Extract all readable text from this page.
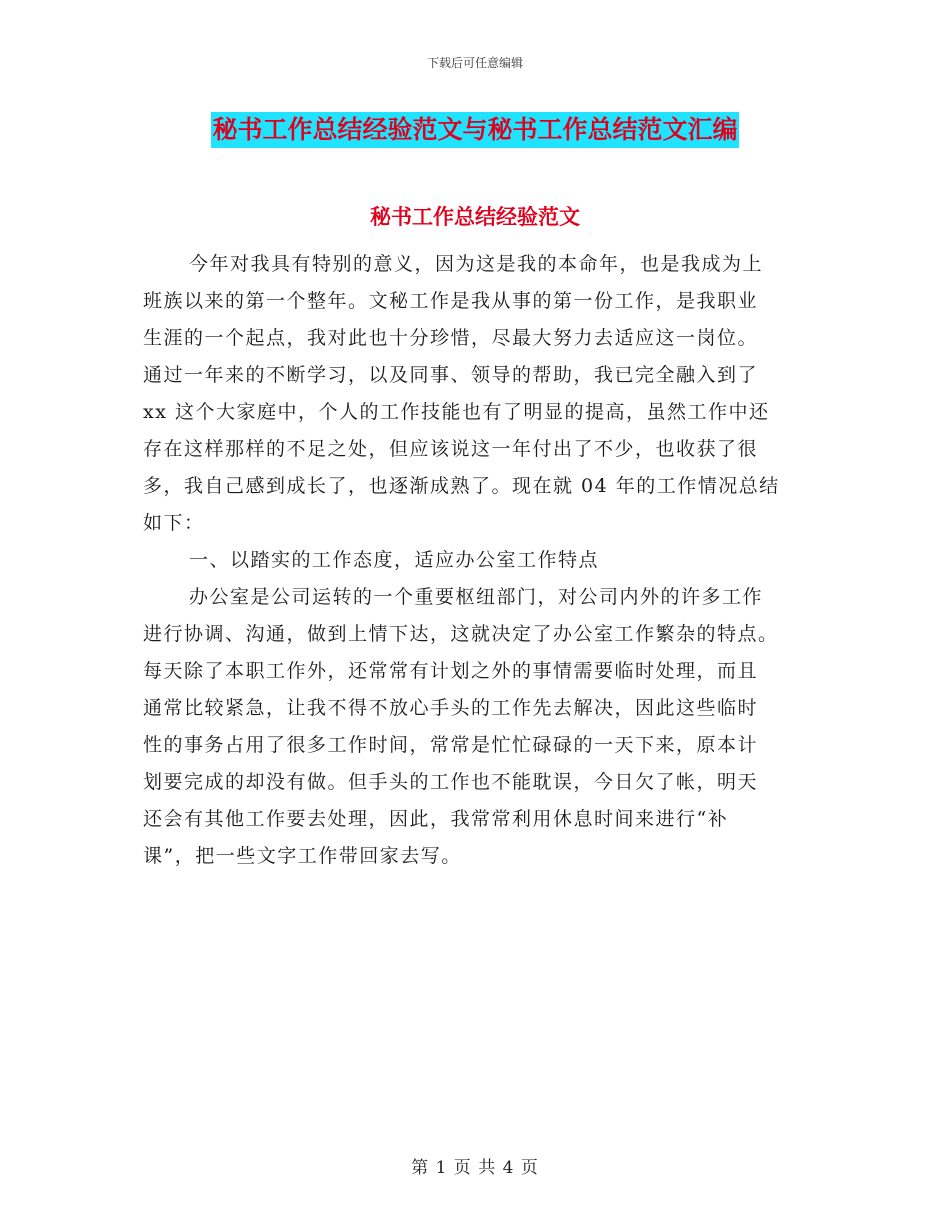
下载后可任意编辑
秘书工作总结经验范文与秘书工作总结范文汇编
秘书工作总结经验范文
今年对我具有特别的意义，因为这是我的本命年，也是我成为上
班族以来的第一个整年。文秘工作是我从事的第一份工作，是我职业
生涯的一个起点，我对此也十分珍惜，尽最大努力去适应这一岗位。
通过一年来的不断学习，以及同事、领导的帮助，我已完全融入到了
xx 这个大家庭中，个人的工作技能也有了明显的提高，虽然工作中还
存在这样那样的不足之处，但应该说这一年付出了不少，也收获了很
多，我自己感到成长了，也逐渐成熟了。现在就 04 年的工作情况总结
如下：
一、以踏实的工作态度，适应办公室工作特点
办公室是公司运转的一个重要枢纽部门，对公司内外的许多工作
进行协调、沟通，做到上情下达，这就决定了办公室工作繁杂的特点。
每天除了本职工作外，还常常有计划之外的事情需要临时处理，而且
通常比较紧急，让我不得不放心手头的工作先去解决，因此这些临时
性的事务占用了很多工作时间，常常是忙忙碌碌的一天下来，原本计
划要完成的却没有做。但手头的工作也不能耽误，今日欠了帐，明天
还会有其他工作要去处理，因此，我常常利用休息时间来进行“补
课”，把一些文字工作带回家去写。
第 1 页 共 4 页
